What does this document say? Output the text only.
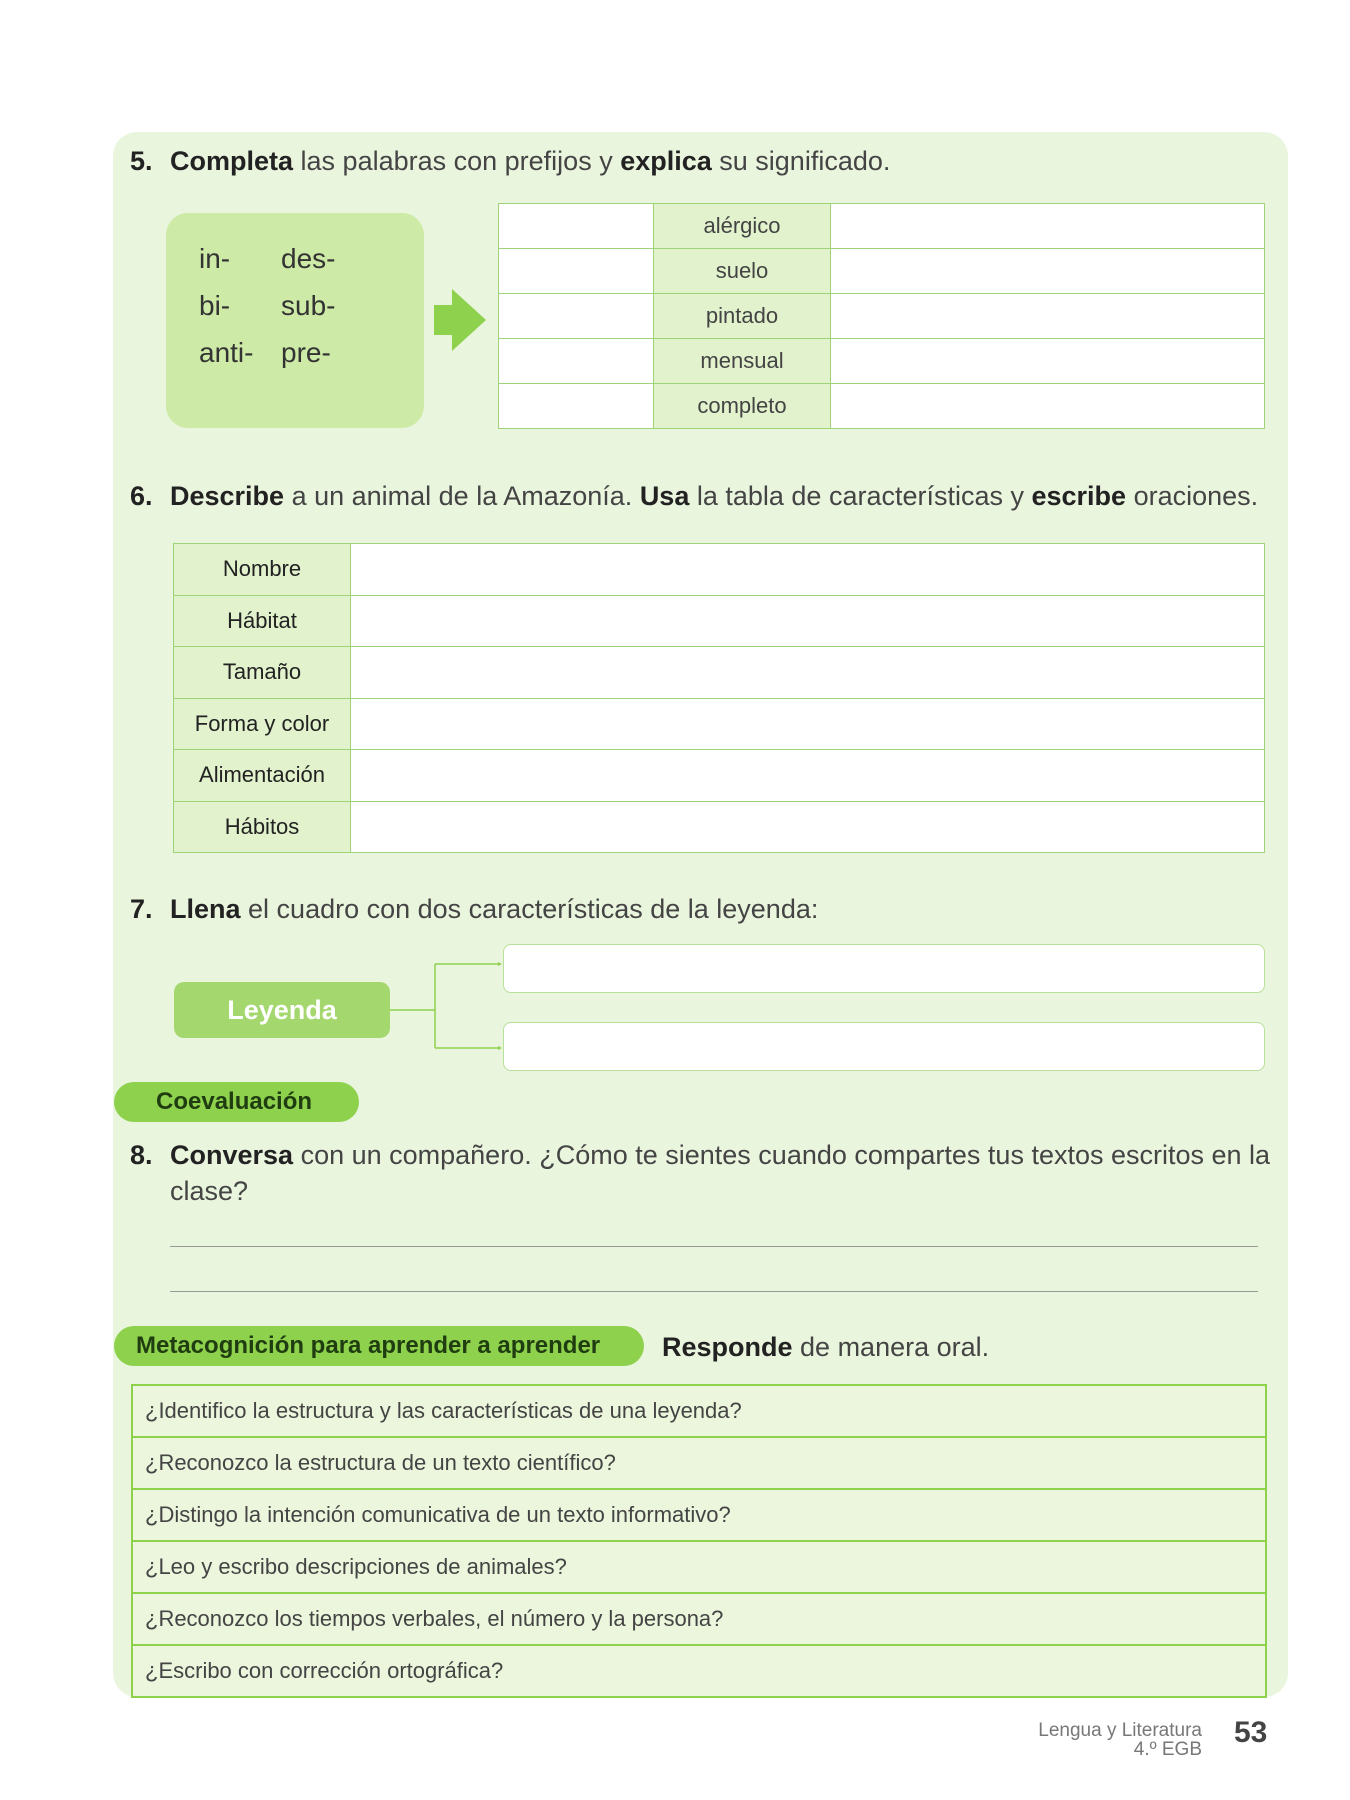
5. Completa las palabras con prefijos y explica su significado.
in-	des-
bi-	sub-
anti- pre-
	alérgico	
	suelo	
	pintado	
	mensual	
	completo	
6. Describe a un animal de la Amazonía. Usa la tabla de características y escribe oraciones.
Nombre	
Hábitat	
Tamaño	
Forma y color	
Alimentación	
Hábitos	
7. Llena el cuadro con dos características de la leyenda:
Leyenda
Coevaluación
8. Conversa con un compañero. ¿Cómo te sientes cuando compartes tus textos escritos en la
clase?
Metacognición para aprender a aprender	Responde de manera oral.
¿Identifico la estructura y las características de una leyenda?
¿Reconozco la estructura de un texto científico?
¿Distingo la intención comunicativa de un texto informativo?
¿Leo y escribo descripciones de animales?
¿Reconozco los tiempos verbales, el número y la persona?
¿Escribo con corrección ortográfica?
Lengua y Literatura
4.º EGB
53
